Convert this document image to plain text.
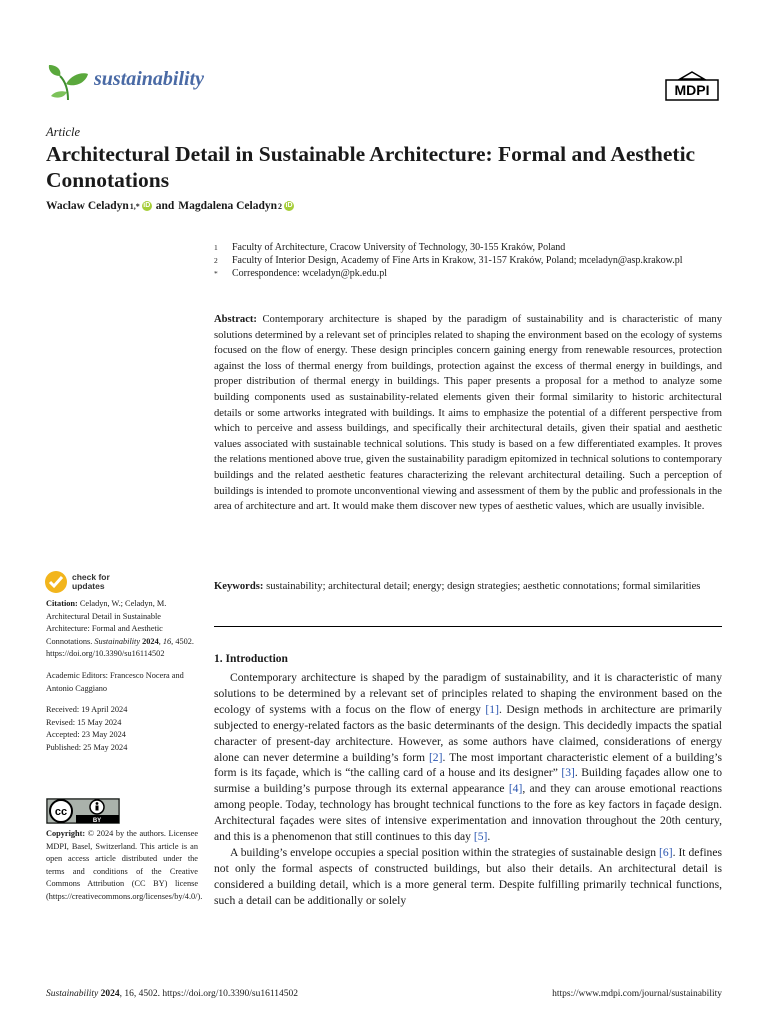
sustainability	MDPI
Article
Architectural Detail in Sustainable Architecture: Formal and Aesthetic Connotations
Waclaw Celadyn 1,* iD and Magdalena Celadyn 2 iD
1	Faculty of Architecture, Cracow University of Technology, 30-155 Kraków, Poland
2	Faculty of Interior Design, Academy of Fine Arts in Krakow, 31-157 Kraków, Poland; mceladyn@asp.krakow.pl
*	Correspondence: wceladyn@pk.edu.pl
Abstract: Contemporary architecture is shaped by the paradigm of sustainability and is characteristic of many solutions determined by a relevant set of principles related to shaping the environment based on the ecology of systems focused on the flow of energy. These design principles concern gaining energy from renewable resources, protection against the loss of thermal energy from buildings, protection against the excess of thermal energy in buildings, and proper distribution of thermal energy in buildings. This paper presents a proposal for a method to analyze some building components used as sustainability-related elements given their formal similarity to historic architectural details or some artworks integrated with buildings. It aims to emphasize the potential of a different perspective from which to perceive and assess buildings, and specifically their architectural details, given their spatial and aesthetic values associated with sustainable technical solutions. This study is based on a few differentiated examples. It proves the relations mentioned above true, given the sustainability paradigm epitomized in technical solutions to contemporary buildings and the related aesthetic features characterizing the relevant architectural detailing. Such a perception of buildings is intended to promote unconventional viewing and assessment of them by the public and professionals in the area of architecture and art. It would make them discover new types of aesthetic values, which are usually invisible.
Keywords: sustainability; architectural detail; energy; design strategies; aesthetic connotations; formal similarities
1. Introduction

Contemporary architecture is shaped by the paradigm of sustainability, and it is characteristic of many solutions to be determined by a relevant set of principles related to shaping the environment based on the ecology of systems with a focus on the flow of energy [1]. Design methods in architecture are primarily subjected to energy-related factors as the basic determinants of the design. This decidedly impacts the spatial character of present-day architecture. However, as some authors have claimed, considerations of energy alone can never determine a building’s form [2]. The most important characteristic element of a building’s form is its façade, which is “the calling card of a house and its designer” [3]. Building façades allow one to surmise a building’s purpose through its external appearance [4], and they can arouse emotional reactions among people. Today, technology has brought technical functions to the fore as key factors in façade design. Architectural façades were sites of intensive experimentation and innovation throughout the 20th century, and this is a phenomenon that still continues to this day [5].

A building’s envelope occupies a special position within the strategies of sustainable design [6]. It defines not only the formal aspects of constructed buildings, but also their details. An architectural detail is considered a building detail, which is a more general term. Despite fulfilling primarily technical functions, such a detail can be additionally or solely

check for
updates

Citation: Celadyn, W.; Celadyn, M. Architectural Detail in Sustainable Architecture: Formal and Aesthetic Connotations. Sustainability 2024, 16, 4502. https://doi.org/10.3390/su16114502

Academic Editors: Francesco Nocera and Antonio Caggiano

Received: 19 April 2024

Revised: 15 May 2024

Accepted: 23 May 2024

Published: 25 May 2024

cc
BY
Copyright: © 2024 by the authors. Licensee MDPI, Basel, Switzerland. This article is an open access article distributed under the terms and conditions of the Creative Commons Attribution (CC BY) license (https://creativecommons.org/licenses/by/4.0/).
Sustainability 2024, 16, 4502. https://doi.org/10.3390/su16114502	https://www.mdpi.com/journal/sustainability
